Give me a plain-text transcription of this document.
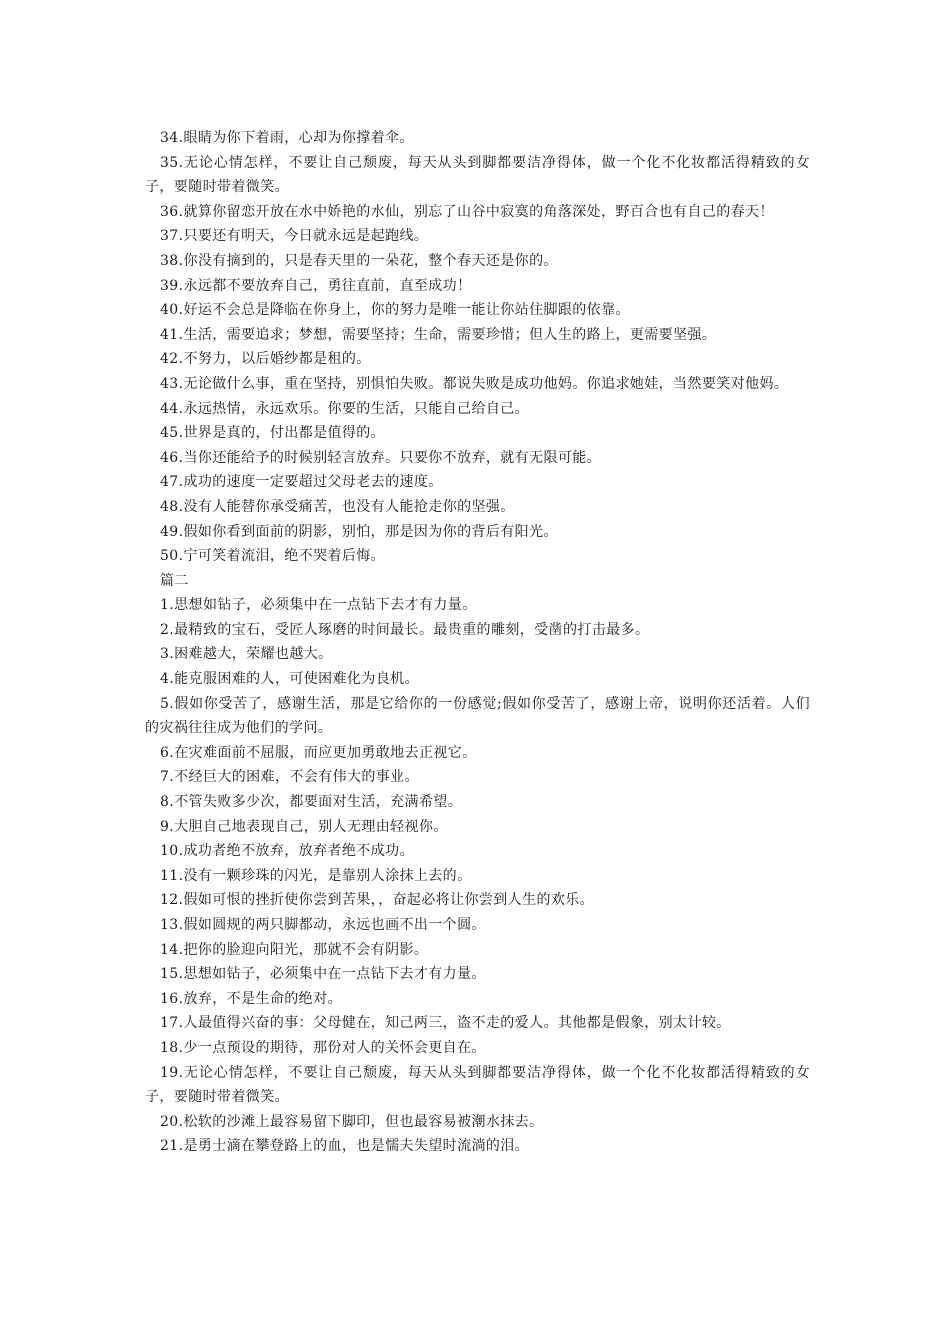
34.眼睛为你下着雨，心却为你撑着伞。

35.无论心情怎样，不要让自己颓废，每天从头到脚都要洁净得体，做一个化不化妆都活得精致的女子，要随时带着微笑。

36.就算你留恋开放在水中娇艳的水仙，别忘了山谷中寂寞的角落深处，野百合也有自己的春天！

37.只要还有明天，今日就永远是起跑线。

38.你没有摘到的，只是春天里的一朵花，整个春天还是你的。

39.永远都不要放弃自己，勇往直前，直至成功！

40.好运不会总是降临在你身上，你的努力是唯一能让你站住脚跟的依靠。

41.生活，需要追求；梦想，需要坚持；生命，需要珍惜；但人生的路上，更需要坚强。

42.不努力，以后婚纱都是租的。

43.无论做什么事，重在坚持，别惧怕失败。都说失败是成功他妈。你追求她娃，当然要笑对他妈。

44.永远热情，永远欢乐。你要的生活，只能自己给自己。

45.世界是真的，付出都是值得的。

46.当你还能给予的时候别轻言放弃。只要你不放弃，就有无限可能。

47.成功的速度一定要超过父母老去的速度。

48.没有人能替你承受痛苦，也没有人能抢走你的坚强。

49.假如你看到面前的阴影，别怕，那是因为你的背后有阳光。

50.宁可笑着流泪，绝不哭着后悔。

篇二

1.思想如钻子，必须集中在一点钻下去才有力量。

2.最精致的宝石，受匠人琢磨的时间最长。最贵重的雕刻，受凿的打击最多。

3.困难越大，荣耀也越大。

4.能克服困难的人，可使困难化为良机。

5.假如你受苦了，感谢生活，那是它给你的一份感觉;假如你受苦了，感谢上帝，说明你还活着。人们的灾祸往往成为他们的学问。

6.在灾难面前不屈服，而应更加勇敢地去正视它。

7.不经巨大的困难，不会有伟大的事业。

8.不管失败多少次，都要面对生活，充满希望。

9.大胆自己地表现自己，别人无理由轻视你。

10.成功者绝不放弃，放弃者绝不成功。

11.没有一颗珍珠的闪光，是靠别人涂抹上去的。

12.假如可恨的挫折使你尝到苦果，，奋起必将让你尝到人生的欢乐。

13.假如圆规的两只脚都动，永远也画不出一个圆。

14.把你的脸迎向阳光，那就不会有阴影。

15.思想如钻子，必须集中在一点钻下去才有力量。

16.放弃，不是生命的绝对。

17.人最值得兴奋的事：父母健在，知己两三，盗不走的爱人。其他都是假象，别太计较。

18.少一点预设的期待，那份对人的关怀会更自在。

19.无论心情怎样，不要让自己颓废，每天从头到脚都要洁净得体，做一个化不化妆都活得精致的女子，要随时带着微笑。

20.松软的沙滩上最容易留下脚印，但也最容易被潮水抹去。

21.是勇士滴在攀登路上的血，也是懦夫失望时流淌的泪。
